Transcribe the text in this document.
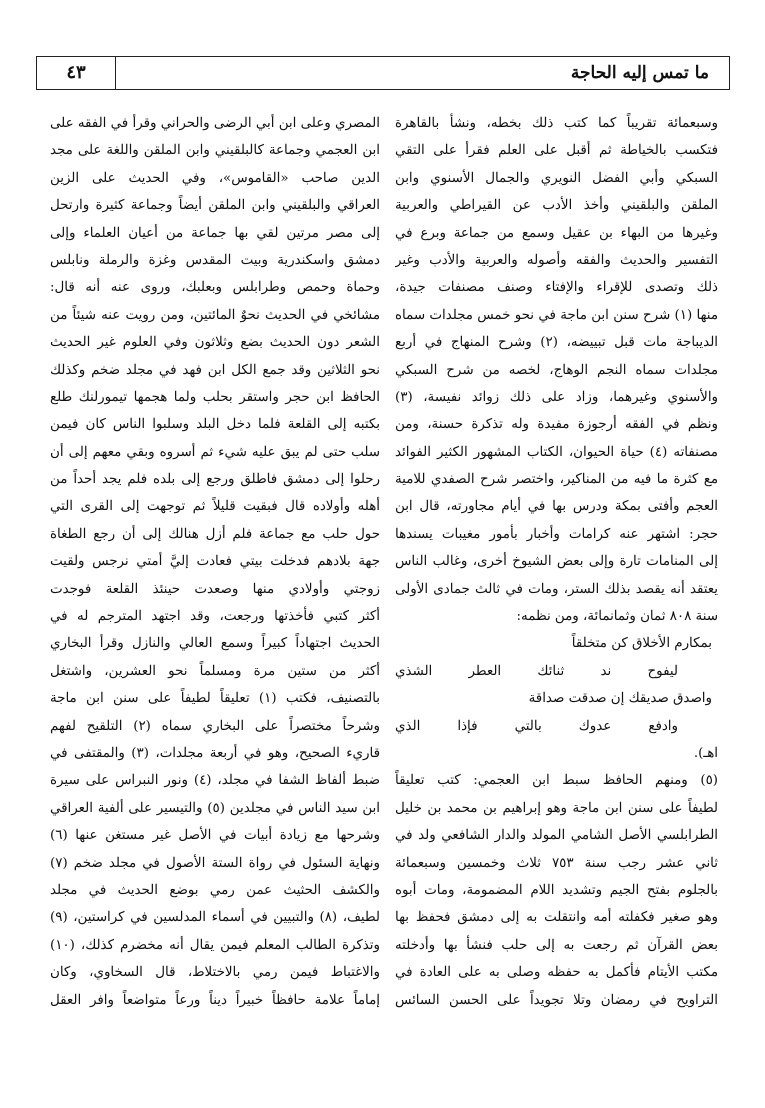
ما تمس إليه الحاجة
٤٣
وسبعمائة تقريباً كما كتب ذلك بخطه، ونشأ بالقاهرة
فتكسب بالخياطة ثم أقبل على العلم فقرأ على التقي
السبكي وأبي الفضل النويري والجمال الأسنوي وابن
الملقن والبلقيني وأخذ الأدب عن القيراطي والعربية
وغيرها من البهاء بن عقيل وسمع من جماعة وبرع في
التفسير والحديث والفقه وأصوله والعربية والأدب وغير
ذلك وتصدى للإقراء والإفتاء وصنف مصنفات جيدة،
منها (١) شرح سنن ابن ماجة في نحو خمس مجلدات سماه
الديباجة مات قبل تبييضه، (٢) وشرح المنهاج في أربع
مجلدات سماه النجم الوهاج، لخصه من شرح السبكي
والأسنوي وغيرهما، وزاد على ذلك زوائد نفيسة، (٣)
ونظم في الفقه أرجوزة مفيدة وله تذكرة حسنة، ومن
مصنفاته (٤) حياة الحيوان، الكتاب المشهور الكثير الفوائد
مع كثرة ما فيه من المناكير، واختصر شرح الصفدي للامية
العجم وأفتى بمكة ودرس بها في أيام مجاورته، قال ابن
حجر: اشتهر عنه كرامات وأخبار بأمور مغيبات يسندها
إلى المنامات تارة وإلى بعض الشيوخ أخرى، وغالب الناس
يعتقد أنه يقصد بذلك الستر، ومات في ثالث جمادى الأولى
سنة ٨٠٨ ثمان وثمانمائة، ومن نظمه:
بمكارم الأخلاق كن متخلقاً
ليفوح ند ثنائك العطر الشذي
واصدق صديقك إن صدقت صداقة
وادفع عدوك بالتي فإذا الذي
اهـ).
(٥) ومنهم الحافظ سبط ابن العجمي: كتب تعليقاً
لطيفاً على سنن ابن ماجة وهو إبراهيم بن محمد بن خليل
الطرابلسي الأصل الشامي المولد والدار الشافعي ولد في
ثاني عشر رجب سنة ٧٥٣ ثلاث وخمسين وسبعمائة
بالجلوم بفتح الجيم وتشديد اللام المضمومة، ومات أبوه
وهو صغير فكفلته أمه وانتقلت به إلى دمشق فحفظ بها
بعض القرآن ثم رجعت به إلى حلب فنشأ بها وأدخلته
مكتب الأيتام فأكمل به حفظه وصلى به على العادة في
التراويح في رمضان وتلا تجويداً على الحسن السائس
المصري وعلى ابن أبي الرضى والحراني وقرأ في الفقه على
ابن العجمي وجماعة كالبلقيني وابن الملقن واللغة على مجد
الدين صاحب «القاموس»، وفي الحديث على الزين
العراقي والبلقيني وابن الملقن أيضاً وجماعة كثيرة وارتحل
إلى مصر مرتين لقي بها جماعة من أعيان العلماء وإلى
دمشق واسكندرية وبيت المقدس وغزة والرملة ونابلس
وحماة وحمص وطرابلس وبعلبك، وروى عنه أنه قال:
مشائخي في الحديث نحوٌ المائتين، ومن رويت عنه شيئاً من
الشعر دون الحديث بضع وثلاثون وفي العلوم غير الحديث
نحو الثلاثين وقد جمع الكل ابن فهد في مجلد ضخم وكذلك
الحافظ ابن حجر واستقر بحلب ولما هجمها تيمورلنك طلع
بكتبه إلى القلعة فلما دخل البلد وسلبوا الناس كان فيمن
سلب حتى لم يبق عليه شيء ثم أسروه وبقي معهم إلى أن
رحلوا إلى دمشق فاطلق ورجع إلى بلده فلم يجد أحداً من
أهله وأولاده قال فبقيت قليلاً ثم توجهت إلى القرى التي
حول حلب مع جماعة فلم أزل هنالك إلى أن رجع الطغاة
جهة بلادهم فدخلت بيتي فعادت إليَّ أمتي نرجس ولقيت
زوجتي وأولادي منها وصعدت حينئذ القلعة فوجدت
أكثر كتبي فأخذتها ورجعت، وقد اجتهد المترجم له في
الحديث اجتهاداً كبيراً وسمع العالي والنازل وقرأ البخاري
أكثر من ستين مرة ومسلماً نحو العشرين، واشتغل
بالتصنيف، فكتب (١) تعليقاً لطيفاً على سنن ابن ماجة
وشرحاً مختصراً على البخاري سماه (٢) التلقيح لفهم
قاريء الصحيح، وهو في أربعة مجلدات، (٣) والمقتفى في
ضبط ألفاظ الشفا في مجلد، (٤) ونور النبراس على سيرة
ابن سيد الناس في مجلدين (٥) والتيسير على ألفية العراقي
وشرحها مع زيادة أبيات في الأصل غير مستغن عنها (٦)
ونهاية السئول في رواة الستة الأصول في مجلد ضخم (٧)
والكشف الحثيث عمن رمي بوضع الحديث في مجلد
لطيف، (٨) والتبيين في أسماء المدلسين في كراستين، (٩)
وتذكرة الطالب المعلم فيمن يقال أنه مخضرم كذلك، (١٠)
والاغتباط فيمن رمي بالاختلاط، قال السخاوي، وكان
إماماً علامة حافظاً خبيراً ديناً ورعاً متواضعاً وافر العقل
